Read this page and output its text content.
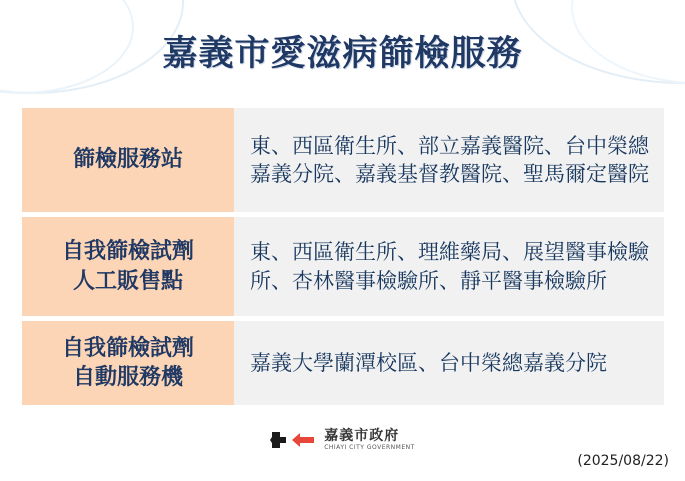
嘉義市愛滋病篩檢服務
篩檢服務站
東、西區衛生所、部立嘉義醫院、台中榮總嘉義分院、嘉義基督教醫院、聖馬爾定醫院
自我篩檢試劑
人工販售點
東、西區衛生所、理維藥局、展望醫事檢驗所、杏林醫事檢驗所、靜平醫事檢驗所
自我篩檢試劑
自動服務機
嘉義大學蘭潭校區、台中榮總嘉義分院
嘉義市政府
CHIAYI CITY GOVERNMENT
(2025/08/22)
